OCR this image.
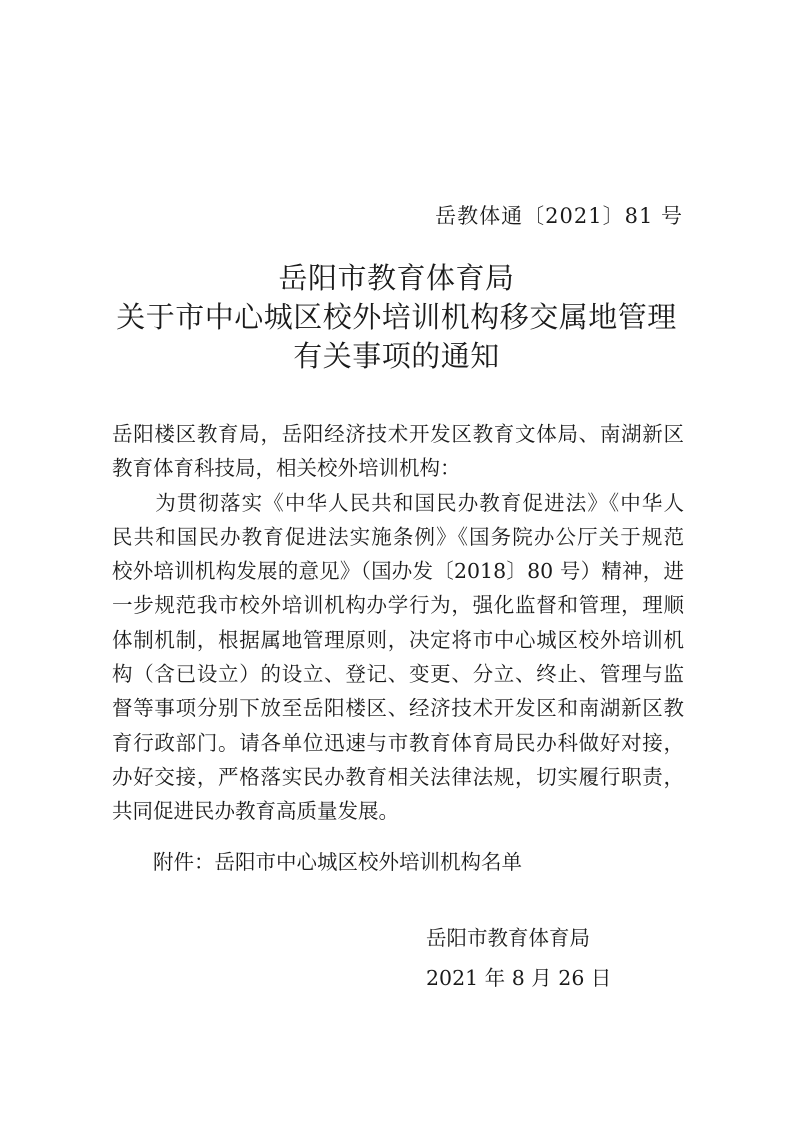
岳教体通〔2021〕81 号
岳阳市教育体育局
关于市中心城区校外培训机构移交属地管理
有关事项的通知
岳阳楼区教育局，岳阳经济技术开发区教育文体局、南湖新区
教育体育科技局，相关校外培训机构：
　　为贯彻落实《中华人民共和国民办教育促进法》《中华人
民共和国民办教育促进法实施条例》《国务院办公厅关于规范
校外培训机构发展的意见》（国办发〔2018〕80 号）精神，进
一步规范我市校外培训机构办学行为，强化监督和管理，理顺
体制机制，根据属地管理原则，决定将市中心城区校外培训机
构（含已设立）的设立、登记、变更、分立、终止、管理与监
督等事项分别下放至岳阳楼区、经济技术开发区和南湖新区教
育行政部门。请各单位迅速与市教育体育局民办科做好对接，
办好交接，严格落实民办教育相关法律法规，切实履行职责，
共同促进民办教育高质量发展。
附件：岳阳市中心城区校外培训机构名单
岳阳市教育体育局
2021 年 8 月 26 日
